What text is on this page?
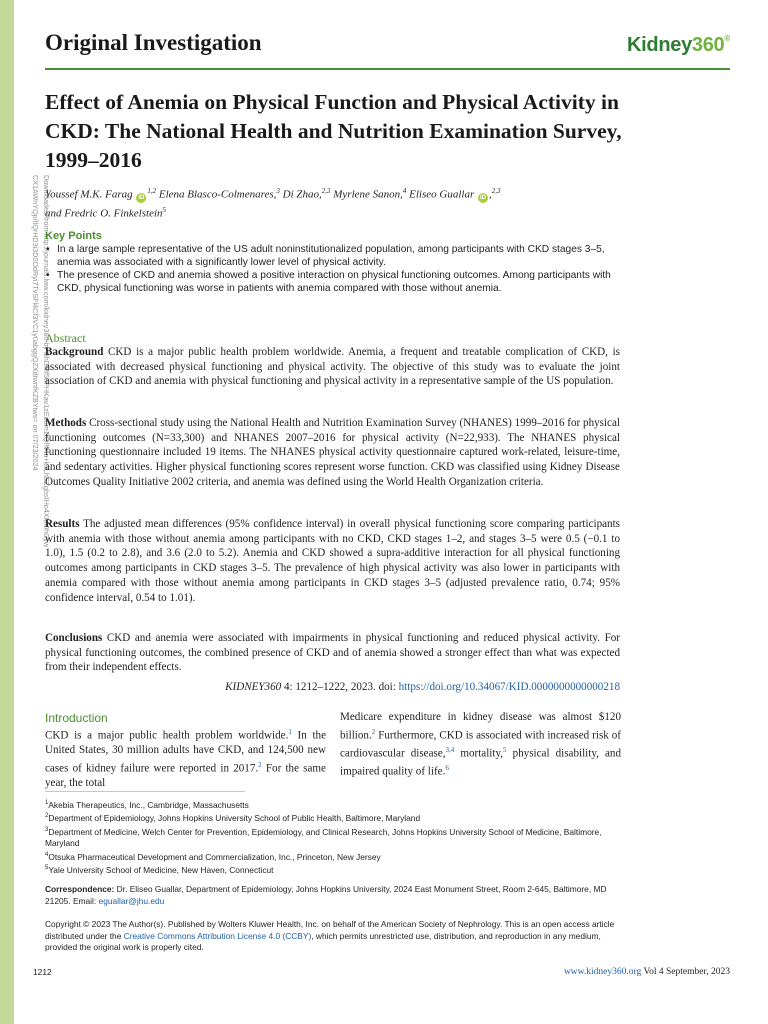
Downloaded from http://journals.lww.com/kidney360 by BhDMf5ePHKav1zEoum1tQfN4a+kJLhEZgbsIHo4XMi0hCyw
CX1AWnYQp/IlQrHD3i3D0OdRyi7TvSFl4Cf3VC1y0abggQZXdtwnfKZBYtws= on 07/23/2024
Original Investigation	Kidney360®
Effect of Anemia on Physical Function and Physical Activity in CKD: The National Health and Nutrition Examination Survey, 1999–2016
Youssef M.K. Farag iD$^{1,2}$ Elena Blasco-Colmenares,$^3$ Di Zhao,$^{2,3}$ Myrlene Sanon,$^4$ Eliseo Guallar iD ,$^{2,3}$
and Fredric O. Finkelstein$^5$
Key Points
• In a large sample representative of the US adult noninstitutionalized population, among participants with CKD stages 3–5, anemia was associated with a significantly lower level of physical activity.
• The presence of CKD and anemia showed a positive interaction on physical functioning outcomes. Among participants with CKD, physical functioning was worse in patients with anemia compared with those without anemia.
Abstract
Background CKD is a major public health problem worldwide. Anemia, a frequent and treatable complication of CKD, is associated with decreased physical functioning and physical activity. The objective of this study was to evaluate the joint association of CKD and anemia with physical functioning and physical activity in a representative sample of the US population.
Methods Cross-sectional study using the National Health and Nutrition Examination Survey (NHANES) 1999–2016 for physical functioning outcomes (N=33,300) and NHANES 2007–2016 for physical activity (N=22,933). The NHANES physical functioning questionnaire included 19 items. The NHANES physical activity questionnaire captured work-related, leisure-time, and sedentary activities. Higher physical functioning scores represent worse function. CKD was classified using Kidney Disease Outcomes Quality Initiative 2002 criteria, and anemia was defined using the World Health Organization criteria.
Results The adjusted mean differences (95% confidence interval) in overall physical functioning score comparing participants with anemia with those without anemia among participants with no CKD, CKD stages 1–2, and stages 3–5 were 0.5 (−0.1 to 1.0), 1.5 (0.2 to 2.8), and 3.6 (2.0 to 5.2). Anemia and CKD showed a supra-additive interaction for all physical functioning outcomes among participants in CKD stages 3–5. The prevalence of high physical activity was also lower in participants with anemia compared with those without anemia among participants in CKD stages 3–5 (adjusted prevalence ratio, 0.74; 95% confidence interval, 0.54 to 1.01).
Conclusions CKD and anemia were associated with impairments in physical functioning and reduced physical activity. For physical functioning outcomes, the combined presence of CKD and of anemia showed a stronger effect than what was expected from their independent effects.
KIDNEY360 4: 1212–1222, 2023. doi: https://doi.org/10.34067/KID.0000000000000218
Introduction
CKD is a major public health problem worldwide.$^1$ In the United States, 30 million adults have CKD, and 124,500 new cases of kidney failure were reported in 2017.$^2$ For the same year, the total
Medicare expenditure in kidney disease was almost $120 billion.$^2$ Furthermore, CKD is associated with increased risk of cardiovascular disease,$^{3,4}$ mortality,$^5$ physical disability, and impaired quality of life.$^6$
$^1$Akebia Therapeutics, Inc., Cambridge, Massachusetts
$^2$Department of Epidemiology, Johns Hopkins University School of Public Health, Baltimore, Maryland
$^3$Department of Medicine, Welch Center for Prevention, Epidemiology, and Clinical Research, Johns Hopkins University School of Medicine, Baltimore, Maryland
$^4$Otsuka Pharmaceutical Development and Commercialization, Inc., Princeton, New Jersey
$^5$Yale University School of Medicine, New Haven, Connecticut
Correspondence: Dr. Eliseo Guallar, Department of Epidemiology, Johns Hopkins University, 2024 East Monument Street, Room 2-645, Baltimore, MD 21205. Email: eguallar@jhu.edu
Copyright © 2023 The Author(s). Published by Wolters Kluwer Health, Inc. on behalf of the American Society of Nephrology. This is an open access article distributed under the Creative Commons Attribution License 4.0 (CCBY), which permits unrestricted use, distribution, and reproduction in any medium, provided the original work is properly cited.
1212	www.kidney360.org Vol 4 September, 2023
